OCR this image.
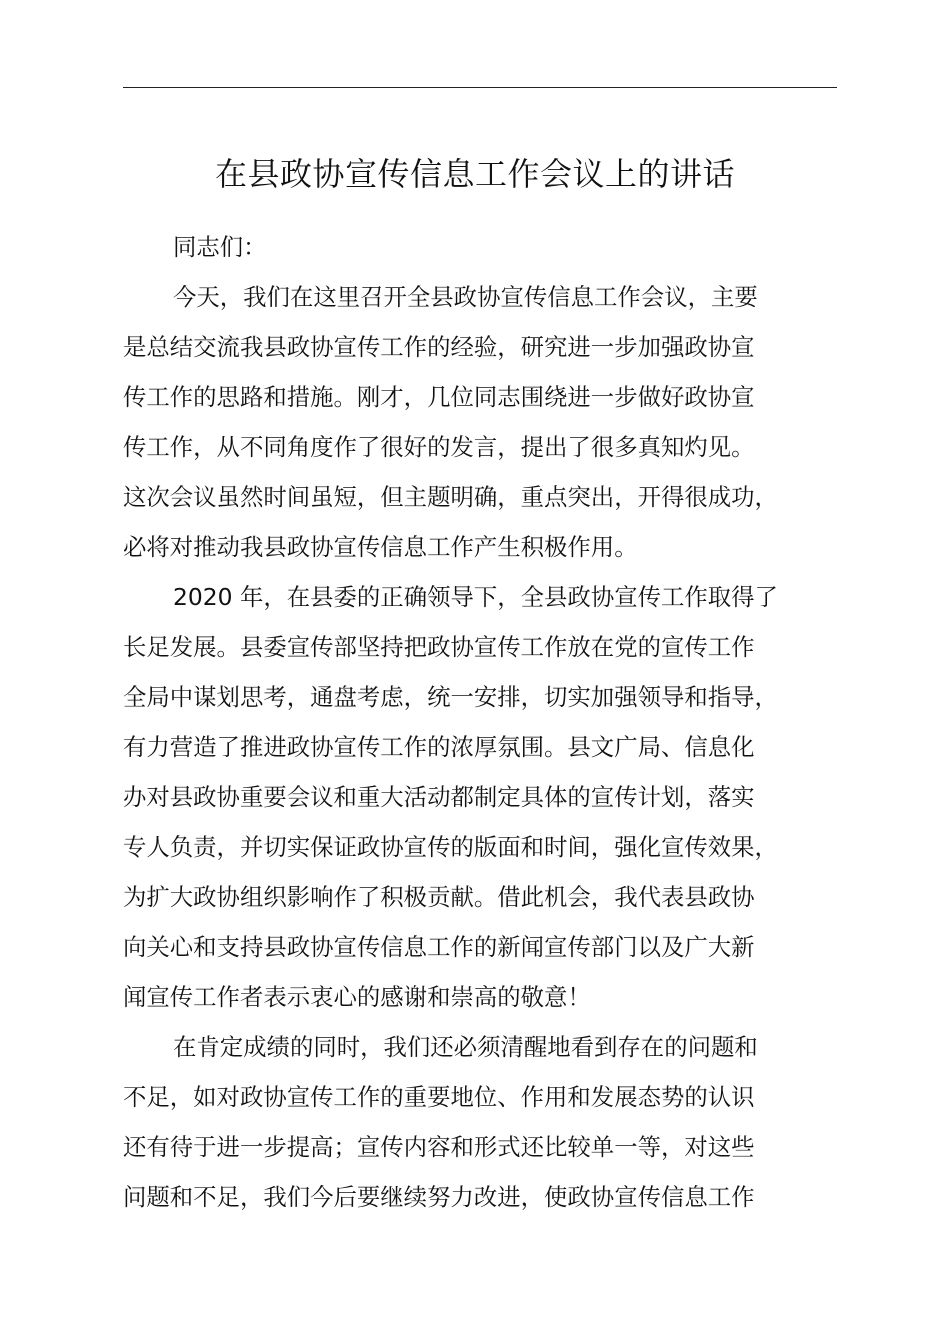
在县政协宣传信息工作会议上的讲话

同志们：

今天，我们在这里召开全县政协宣传信息工作会议，主要

是总结交流我县政协宣传工作的经验，研究进一步加强政协宣

传工作的思路和措施。刚才，几位同志围绕进一步做好政协宣

传工作，从不同角度作了很好的发言，提出了很多真知灼见。

这次会议虽然时间虽短，但主题明确，重点突出，开得很成功，

必将对推动我县政协宣传信息工作产生积极作用。

2020 年，在县委的正确领导下，全县政协宣传工作取得了

长足发展。县委宣传部坚持把政协宣传工作放在党的宣传工作

全局中谋划思考，通盘考虑，统一安排，切实加强领导和指导，

有力营造了推进政协宣传工作的浓厚氛围。县文广局、信息化

办对县政协重要会议和重大活动都制定具体的宣传计划，落实

专人负责，并切实保证政协宣传的版面和时间，强化宣传效果，

为扩大政协组织影响作了积极贡献。借此机会，我代表县政协

向关心和支持县政协宣传信息工作的新闻宣传部门以及广大新

闻宣传工作者表示衷心的感谢和崇高的敬意！

在肯定成绩的同时，我们还必须清醒地看到存在的问题和

不足，如对政协宣传工作的重要地位、作用和发展态势的认识

还有待于进一步提高；宣传内容和形式还比较单一等，对这些

问题和不足，我们今后要继续努力改进，使政协宣传信息工作
